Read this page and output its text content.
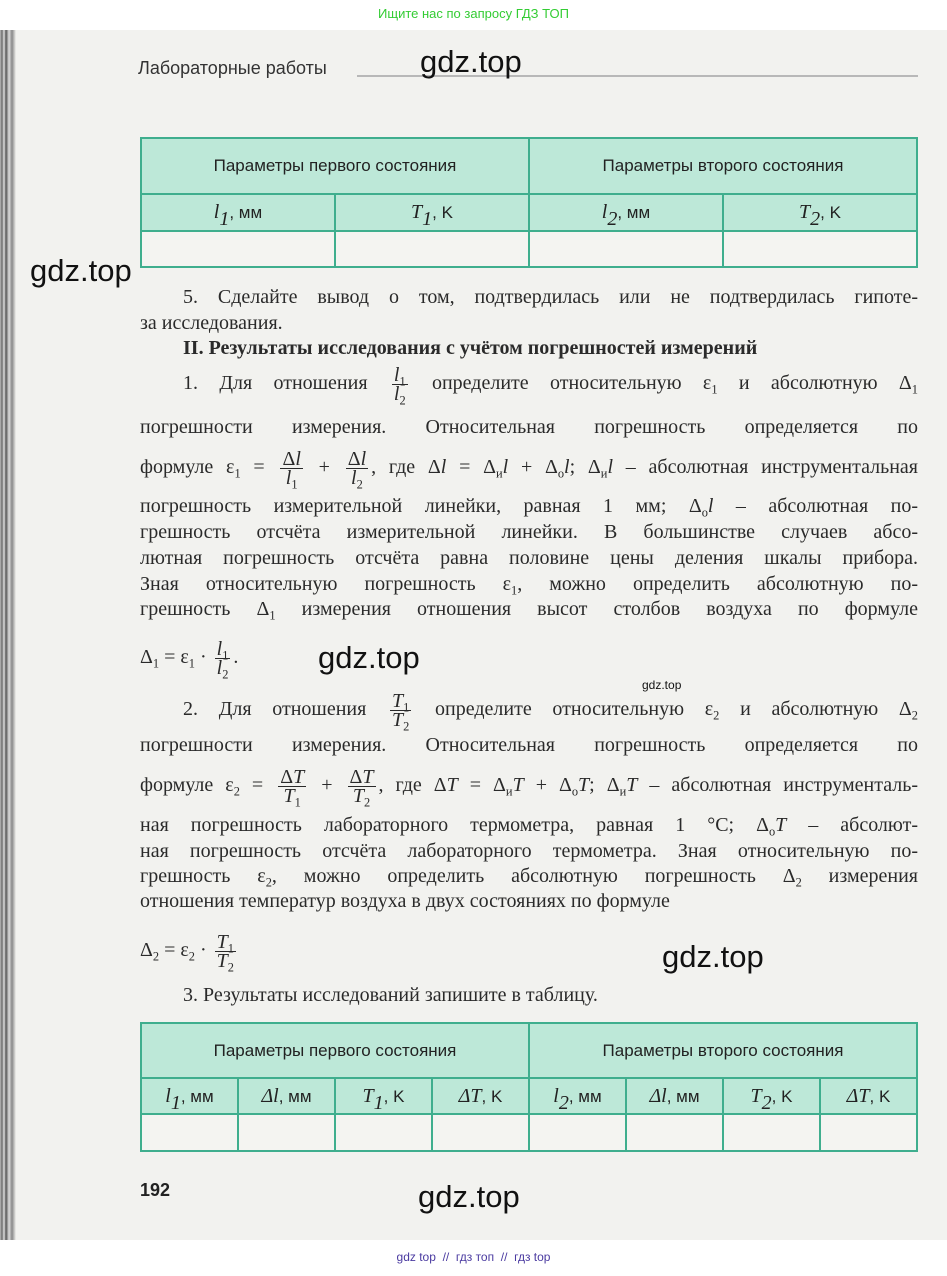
Ищите нас по запросу ГДЗ ТОП
Лабораторные работы
Параметры первого состояния		Параметры второго состояния	
$l_1$, мм	$T_1$, K	$l_2$, мм	$T_2$, K

5. Сделайте вывод о том, подтвердилась или не подтвердилась гипоте-
за исследования.
II. Результаты исследования с учётом погрешностей измерений
1. Для отношения $\frac{l_1}{l_2}$ определите относительную $\varepsilon_1$ и абсолютную $\Delta_1$
погрешности измерения. Относительная погрешность определяется по
формуле $\varepsilon_1 = \frac{\Delta l}{l_1} + \frac{\Delta l}{l_2}$ , где $\Delta l = \Delta_иl + \Delta_оl$; $\Delta_иl$ – абсолютная инструментальная
погрешность измерительной линейки, равная 1 мм; $\Delta_оl$ – абсолютная по-
грешность отсчёта измерительной линейки. В большинстве случаев абсо-
лютная погрешность отсчёта равна половине цены деления шкалы прибора.
Зная относительную погрешность $\varepsilon_1$, можно определить абсолютную по-
грешность $\Delta_1$ измерения отношения высот столбов воздуха по формуле
$\Delta_1 = \varepsilon_1 \cdot \frac{l_1}{l_2}$ .
2. Для отношения $\frac{T_1}{T_2}$ определите относительную $\varepsilon_2$ и абсолютную $\Delta_2$
погрешности измерения. Относительная погрешность определяется по
формуле $\varepsilon_2 = \frac{\Delta T}{T_1} + \frac{\Delta T}{T_2}$ , где $\Delta T = \Delta_иT + \Delta_оT$; $\Delta_иT$ – абсолютная инструменталь-
ная погрешность лабораторного термометра, равная 1 °C; $\Delta_оT$ – абсолют-
ная погрешность отсчёта лабораторного термометра. Зная относительную по-
грешность $\varepsilon_2$, можно определить абсолютную погрешность $\Delta_2$ измерения
отношения температур воздуха в двух состояниях по формуле
$\Delta_2 = \varepsilon_2 \cdot \frac{T_1}{T_2}$
3. Результаты исследований запишите в таблицу.
Параметры первого состояния				Параметры второго состояния			
$l_1$, мм	Δl, мм	$T_1$, K	ΔT, K	$l_2$, мм	Δl, мм	$T_2$, K	ΔT, K

192
gdz.top
gdz.top
gdz.top
gdz.top
gdz.top
gdz.top
gdz top  //  гдз топ  //  гдз top
